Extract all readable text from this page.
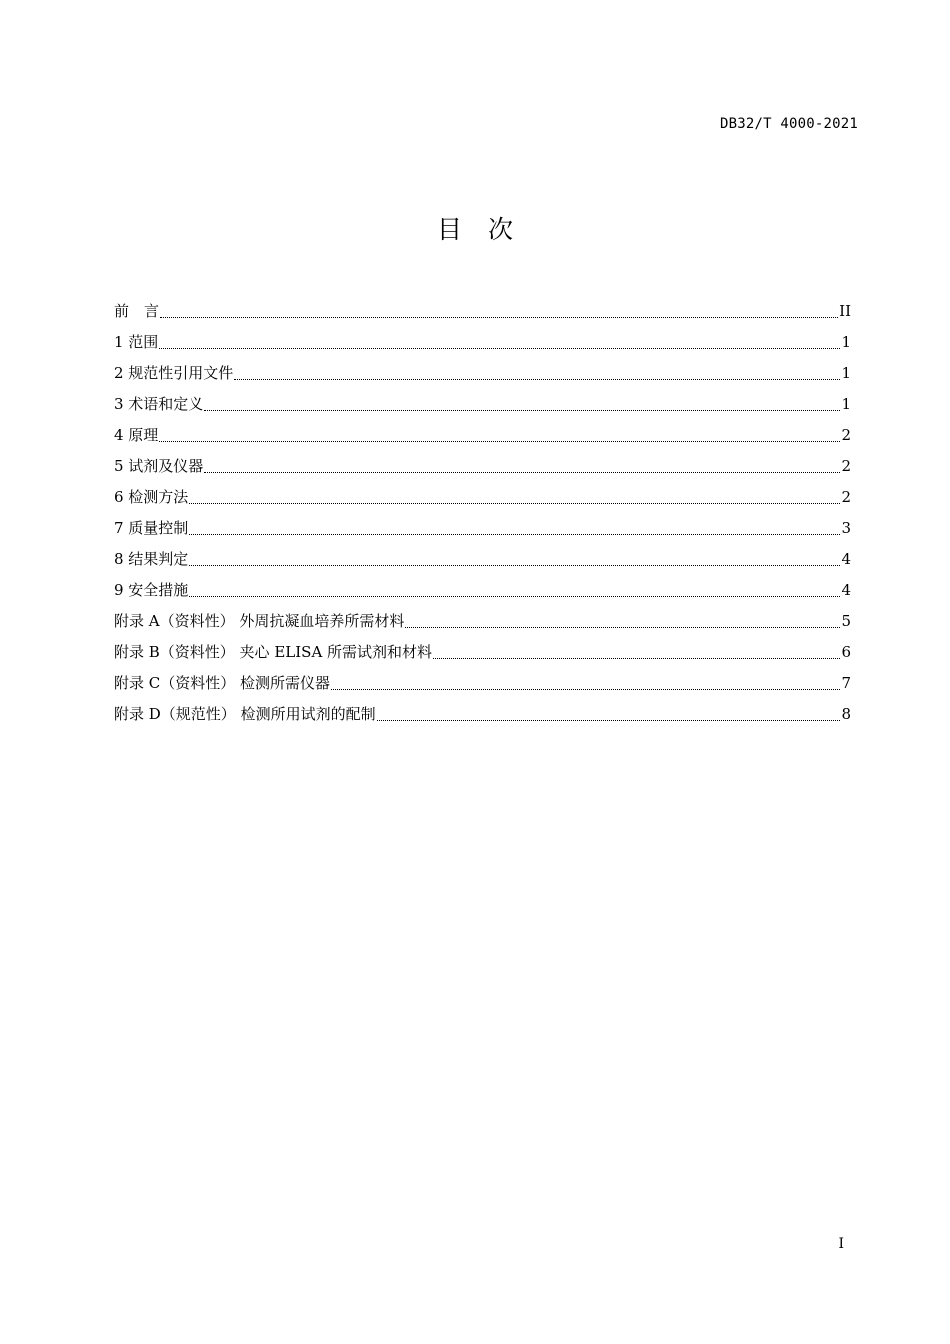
DB32/T 4000-2021
目 次
前　言	II
1 范围	1
2 规范性引用文件	1
3 术语和定义	1
4 原理	2
5 试剂及仪器	2
6 检测方法	2
7 质量控制	3
8 结果判定	4
9 安全措施	4
附录 A（资料性） 外周抗凝血培养所需材料	5
附录 B（资料性） 夹心 ELISA 所需试剂和材料	6
附录 C（资料性） 检测所需仪器	7
附录 D（规范性） 检测所用试剂的配制	8
I
